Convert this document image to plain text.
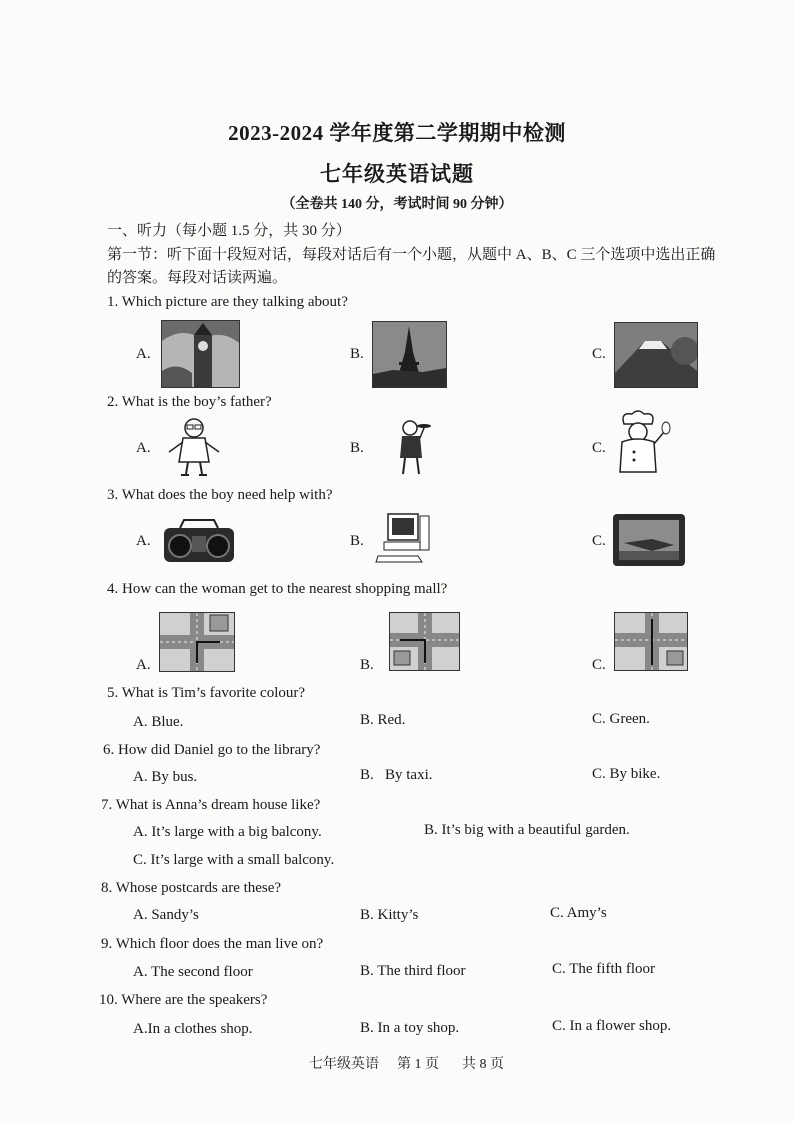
2023-2024 学年度第二学期期中检测
七年级英语试题
（全卷共 140 分，考试时间 90 分钟）
一、听力（每小题 1.5 分，共 30 分）
第一节：听下面十段短对话，每段对话后有一个小题，从题中 A、B、C 三个选项中选出正确
的答案。每段对话读两遍。
1. Which picture are they talking about?
A.	B.	C.
2. What is the boy’s father?
A.	B.	C.
3. What does the boy need help with?
A.	B.	C.
4. How can the woman get to the nearest shopping mall?
A.	B.	C.
5. What is Tim’s favorite colour?
A. Blue.	B. Red.	C. Green.
6. How did Daniel go to the library?
A. By bus.	B.   By taxi.	C. By bike.
7. What is Anna’s dream house like?
A. It’s large with a big balcony.	B. It’s big with a beautiful garden.
C. It’s large with a small balcony.
8. Whose postcards are these?
A. Sandy’s	B. Kitty’s	C. Amy’s
9. Which floor does the man live on?
A. The second floor	B. The third floor	C. The fifth floor
10. Where are the speakers?
A.In a clothes shop.	B. In a toy shop.	C. In a flower shop.
七年级英语 第 1 页 共 8 页
